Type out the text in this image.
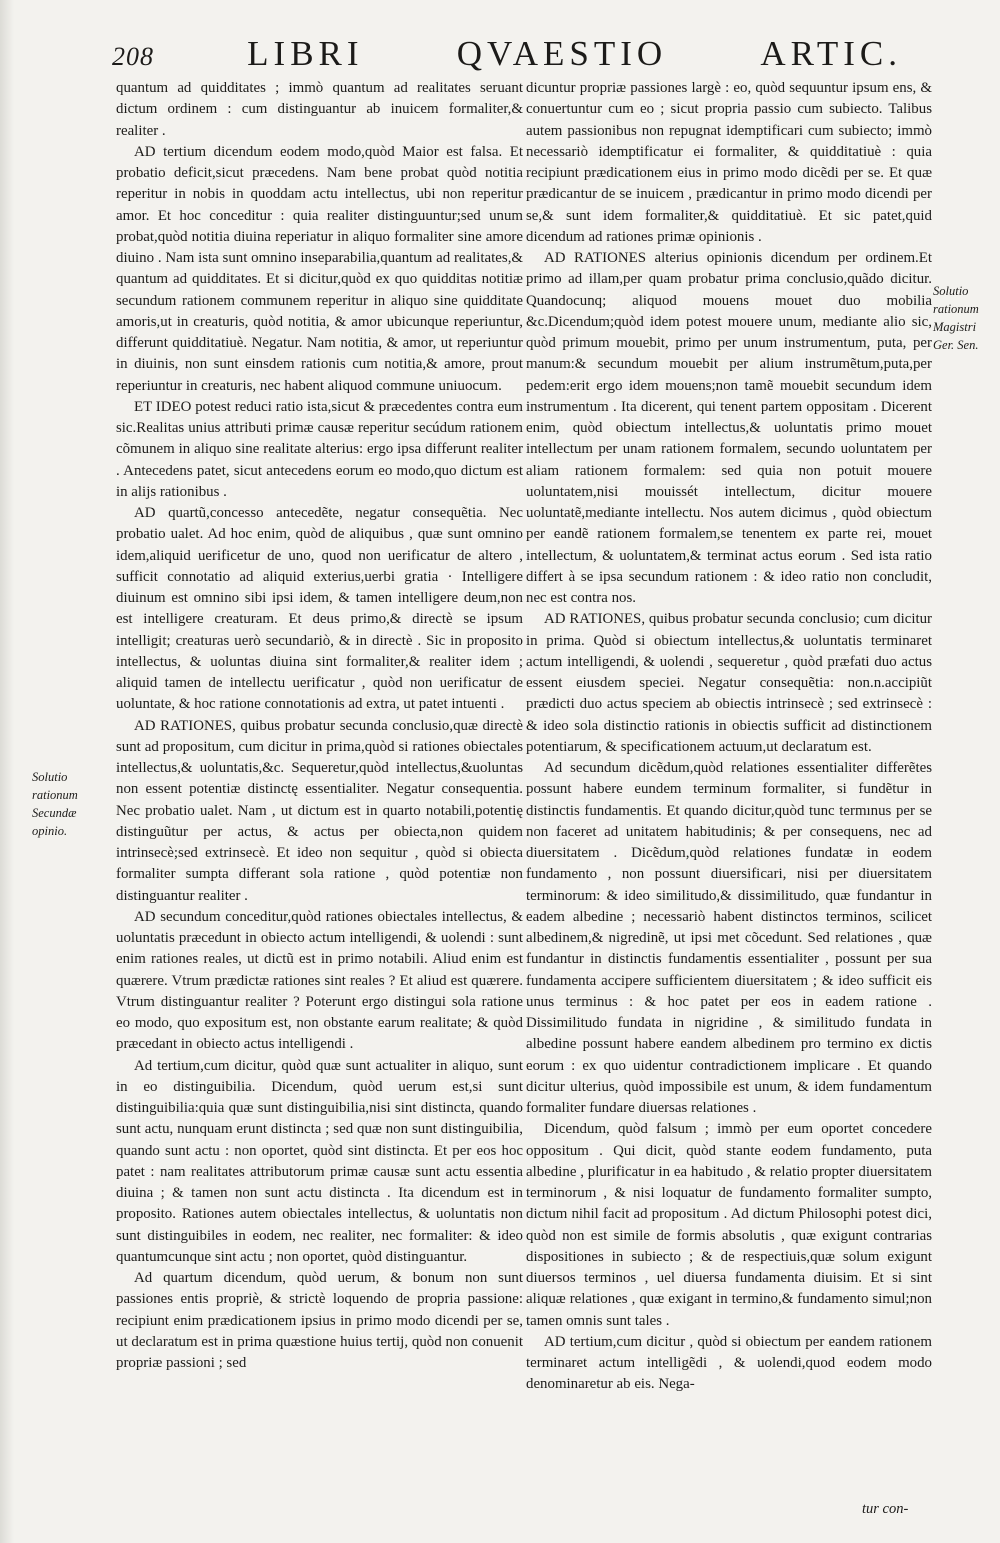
208	LIBRI	QVAESTIO	ARTIC.

quantum ad quidditates ; immò quantum ad realitates seruant dictum ordinem : cum distinguantur ab inuicem formaliter,& realiter .

AD tertium dicendum eodem modo,quòd Maior est falsa. Et probatio deficit,sicut præcedens. Nam bene probat quòd notitia reperitur in nobis in quoddam actu intellectus, ubi non reperitur amor. Et hoc conceditur : quia realiter distinguuntur;sed unum probat,quòd notitia diuina reperiatur in aliquo formaliter sine amore diuino . Nam ista sunt omnino inseparabilia,quantum ad realitates,& quantum ad quidditates. Et si dicitur,quòd ex quo quidditas notitiæ secundum rationem communem reperitur in aliquo sine quidditate amoris,ut in creaturis, quòd notitia, & amor ubicunque reperiuntur, differunt quidditatiuè. Negatur. Nam notitia, & amor, ut reperiuntur in diuinis, non sunt einsdem rationis cum notitia,& amore, prout reperiuntur in creaturis, nec habent aliquod commune uniuocum.

ET IDEO potest reduci ratio ista,sicut & præcedentes contra eum sic.Realitas unius attributi primæ causæ reperitur secúdum rationem cõmunem in aliquo sine realitate alterius: ergo ipsa differunt realiter . Antecedens patet, sicut antecedens eorum eo modo,quo dictum est in alijs rationibus .

AD quartũ,concesso antecedẽte, negatur consequẽtia. Nec probatio ualet. Ad hoc enim, quòd de aliquibus , quæ sunt omnino idem,aliquid uerificetur de uno, quod non uerificatur de altero , sufficit connotatio ad aliquid exterius,uerbi gratia · Intelligere diuinum est omnino sibi ipsi idem, & tamen intelligere deum,non est intelligere creaturam. Et deus primo,& directè se ipsum intelligit; creaturas uerò secundariò, & in directè . Sic in proposito intellectus, & uoluntas diuina sint formaliter,& realiter idem ; aliquid tamen de intellectu uerificatur , quòd non uerificatur de uoluntate, & hoc ratione connotationis ad extra, ut patet intuenti .

AD RATIONES, quibus probatur secunda conclusio,quæ directè sunt ad propositum, cum dicitur in prima,quòd si rationes obiectales intellectus,& uoluntatis,&c. Sequeretur,quòd intellectus,&uoluntas non essent potentiæ distinctę essentialiter. Negatur consequentia. Nec probatio ualet. Nam , ut dictum est in quarto notabili,potentię distinguũtur per actus, & actus per obiecta,non quidem intrinsecè;sed extrinsecè. Et ideo non sequitur , quòd si obiecta formaliter sumpta differant sola ratione , quòd potentiæ non distinguantur realiter .

AD secundum conceditur,quòd rationes obiectales intellectus, & uoluntatis præcedunt in obiecto actum intelligendi, & uolendi : sunt enim rationes reales, ut dictũ est in primo notabili. Aliud enim est quærere. Vtrum prædictæ rationes sint reales ? Et aliud est quærere. Vtrum distinguantur realiter ? Poterunt ergo distingui sola ratione eo modo, quo expositum est, non obstante earum realitate; & quòd præcedant in obiecto actus intelligendi .

Ad tertium,cum dicitur, quòd quæ sunt actualiter in aliquo, sunt in eo distinguibilia. Dicendum, quòd uerum est,si sunt distinguibilia:quia quæ sunt distinguibilia,nisi sint distincta, quando sunt actu, nunquam erunt distincta ; sed quæ non sunt distinguibilia, quando sunt actu : non oportet, quòd sint distincta. Et per eos hoc patet : nam realitates attributorum primæ causæ sunt actu essentia diuina ; & tamen non sunt actu distincta . Ita dicendum est in proposito. Rationes autem obiectales intellectus, & uoluntatis non sunt distinguibiles in eodem, nec realiter, nec formaliter: & ideo quantumcunque sint actu ; non oportet, quòd distinguantur.

Ad quartum dicendum, quòd uerum, & bonum non sunt passiones entis propriè, & strictè loquendo de propria passione: recipiunt enim prædicationem ipsius in primo modo dicendi per se, ut declaratum est in prima quæstione huius tertij, quòd non conuenit propriæ passioni ; sed

dicuntur propriæ passiones largè : eo, quòd sequuntur ipsum ens, & conuertuntur cum eo ; sicut propria passio cum subiecto. Talibus autem passionibus non repugnat idemptificari cum subiecto; immò necessariò idemptificatur ei formaliter, & quidditatiuè : quia recipiunt prædicationem eius in primo modo dicẽdi per se. Et quæ prædicantur de se inuicem , prædicantur in primo modo dicendi per se,& sunt idem formaliter,& quidditatiuè. Et sic patet,quid dicendum ad rationes primæ opinionis .

AD RATIONES alterius opinionis dicendum per ordinem.Et primo ad illam,per quam probatur prima conclusio,quãdo dicitur. Quandocunq; aliquod mouens mouet duo mobilia &c.Dicendum;quòd idem potest mouere unum, mediante alio sic, quòd primum mouebit, primo per unum instrumentum, puta, per manum:& secundum mouebit per alium instrumẽtum,puta,per pedem:erit ergo idem mouens;non tamẽ mouebit secundum idem instrumentum . Ita dicerent, qui tenent partem oppositam . Dicerent enim, quòd obiectum intellectus,& uoluntatis primo mouet intellectum per unam rationem formalem, secundo uoluntatem per aliam rationem formalem: sed quia non potuit mouere uoluntatem,nisi mouissét intellectum, dicitur mouere uoluntatẽ,mediante intellectu. Nos autem dicimus , quòd obiectum per eandẽ rationem formalem,se tenentem ex parte rei, mouet intellectum, & uoluntatem,& terminat actus eorum . Sed ista ratio differt à se ipsa secundum rationem : & ideo ratio non concludit, nec est contra nos.

AD RATIONES, quibus probatur secunda conclusio; cum dicitur in prima. Quòd si obiectum intellectus,& uoluntatis terminaret actum intelligendi, & uolendi , sequeretur , quòd præfati duo actus essent eiusdem speciei. Negatur consequẽtia: non.n.accipiũt prædicti duo actus speciem ab obiectis intrinsecè ; sed extrinsecè : & ideo sola distinctio rationis in obiectis sufficit ad distinctionem potentiarum, & specificationem actuum,ut declaratum est.

Ad secundum dicẽdum,quòd relationes essentialiter differẽtes possunt habere eundem terminum formaliter, si fundẽtur in distinctis fundamentis. Et quando dicitur,quòd tunc termınus per se non faceret ad unitatem habitudinis; & per consequens, nec ad diuersitatem . Dicẽdum,quòd relationes fundatæ in eodem fundamento , non possunt diuersificari, nisi per diuersitatem terminorum: & ideo similitudo,& dissimilitudo, quæ fundantur in eadem albedine ; necessariò habent distinctos terminos, scilicet albedinem,& nigredinẽ, ut ipsi met cõcedunt. Sed relationes , quæ fundantur in distinctis fundamentis essentialiter , possunt per sua fundamenta accipere sufficientem diuersitatem ; & ideo sufficit eis unus terminus : & hoc patet per eos in eadem ratione . Dissimilitudo fundata in nigridine , & similitudo fundata in albedine possunt habere eandem albedinem pro termino ex dictis eorum : ex quo uidentur contradictionem implicare . Et quando dicitur ulterius, quòd impossibile est unum, & idem fundamentum formaliter fundare diuersas relationes .

Dicendum, quòd falsum ; immò per eum oportet concedere oppositum . Qui dicit, quòd stante eodem fundamento, puta albedine , plurificatur in ea habitudo , & relatio propter diuersitatem terminorum , & nisi loquatur de fundamento formaliter sumpto, dictum nihil facit ad propositum . Ad dictum Philosophi potest dici, quòd non est simile de formis absolutis , quæ exigunt contrarias dispositiones in subiecto ; & de respectiuis,quæ solum exigunt diuersos terminos , uel diuersa fundamenta diuisim. Et si sint aliquæ relationes , quæ exigant in termino,& fundamento simul;non tamen omnis sunt tales .

AD tertium,cum dicitur , quòd si obiectum per eandem rationem terminaret actum intelligẽdi , & uolendi,quod eodem modo denominaretur ab eis. Nega-

Solutio rationum Secundæ opinio.
Solutio rationum Magistri Ger. Sen.
tur con-
